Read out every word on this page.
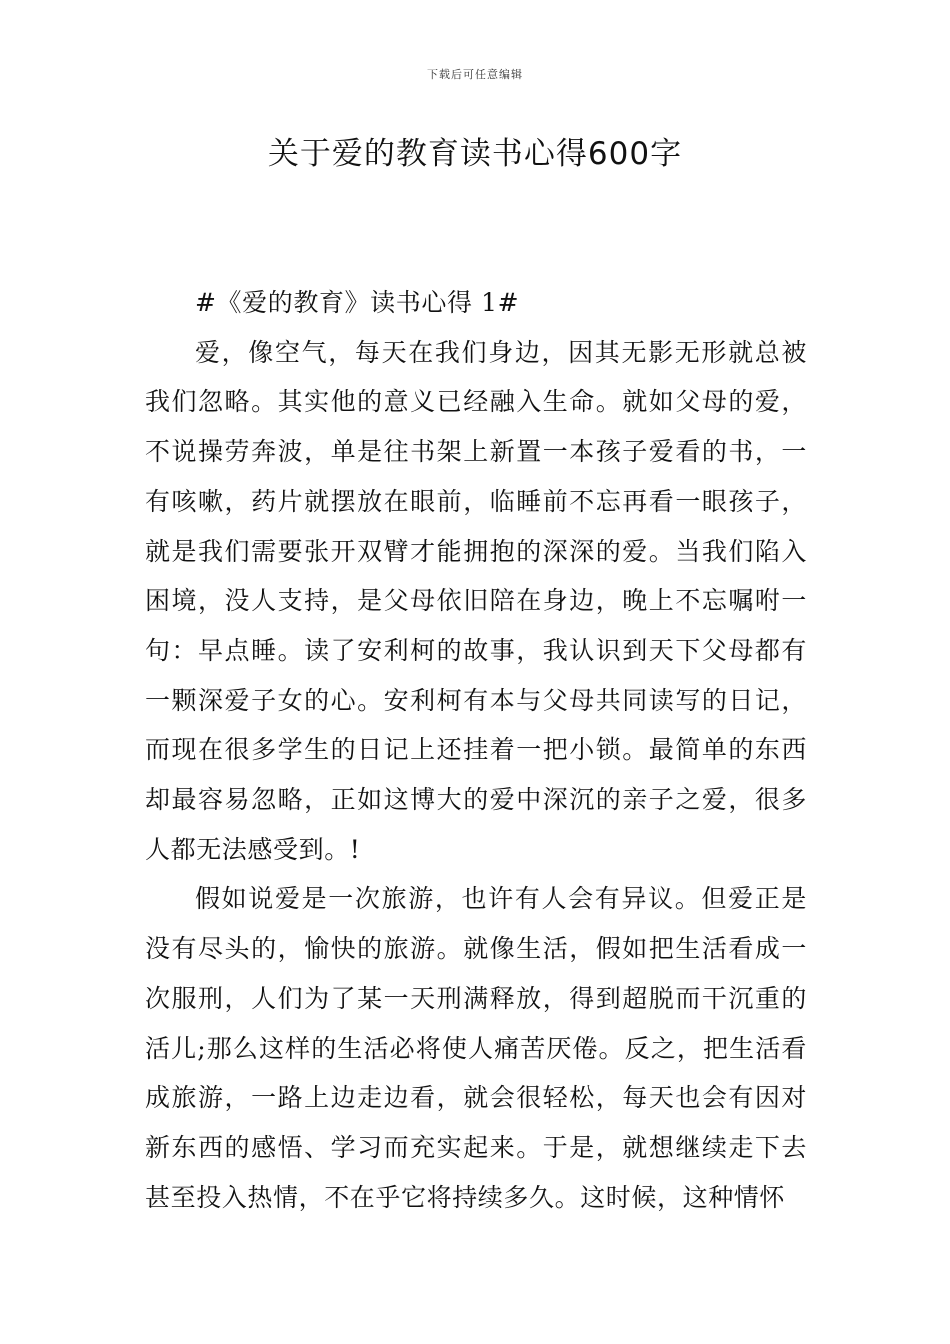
下载后可任意编辑
关于爱的教育读书心得600字

#《爱的教育》读书心得 1#

爱，像空气，每天在我们身边，因其无影无形就总被我们忽略。其实他的意义已经融入生命。就如父母的爱，不说操劳奔波，单是往书架上新置一本孩子爱看的书，一有咳嗽，药片就摆放在眼前，临睡前不忘再看一眼孩子，就是我们需要张开双臂才能拥抱的深深的爱。当我们陷入困境，没人支持，是父母依旧陪在身边，晚上不忘嘱咐一句：早点睡。读了安利柯的故事，我认识到天下父母都有一颗深爱子女的心。安利柯有本与父母共同读写的日记，而现在很多学生的日记上还挂着一把小锁。最简单的东西却最容易忽略，正如这博大的爱中深沉的亲子之爱，很多人都无法感受到。!

假如说爱是一次旅游，也许有人会有异议。但爱正是没有尽头的，愉快的旅游。就像生活，假如把生活看成一次服刑，人们为了某一天刑满释放，得到超脱而干沉重的活儿;那么这样的生活必将使人痛苦厌倦。反之，把生活看成旅游，一路上边走边看，就会很轻松，每天也会有因对新东西的感悟、学习而充实起来。于是，就想继续走下去甚至投入热情，不在乎它将持续多久。这时候，这种情怀
